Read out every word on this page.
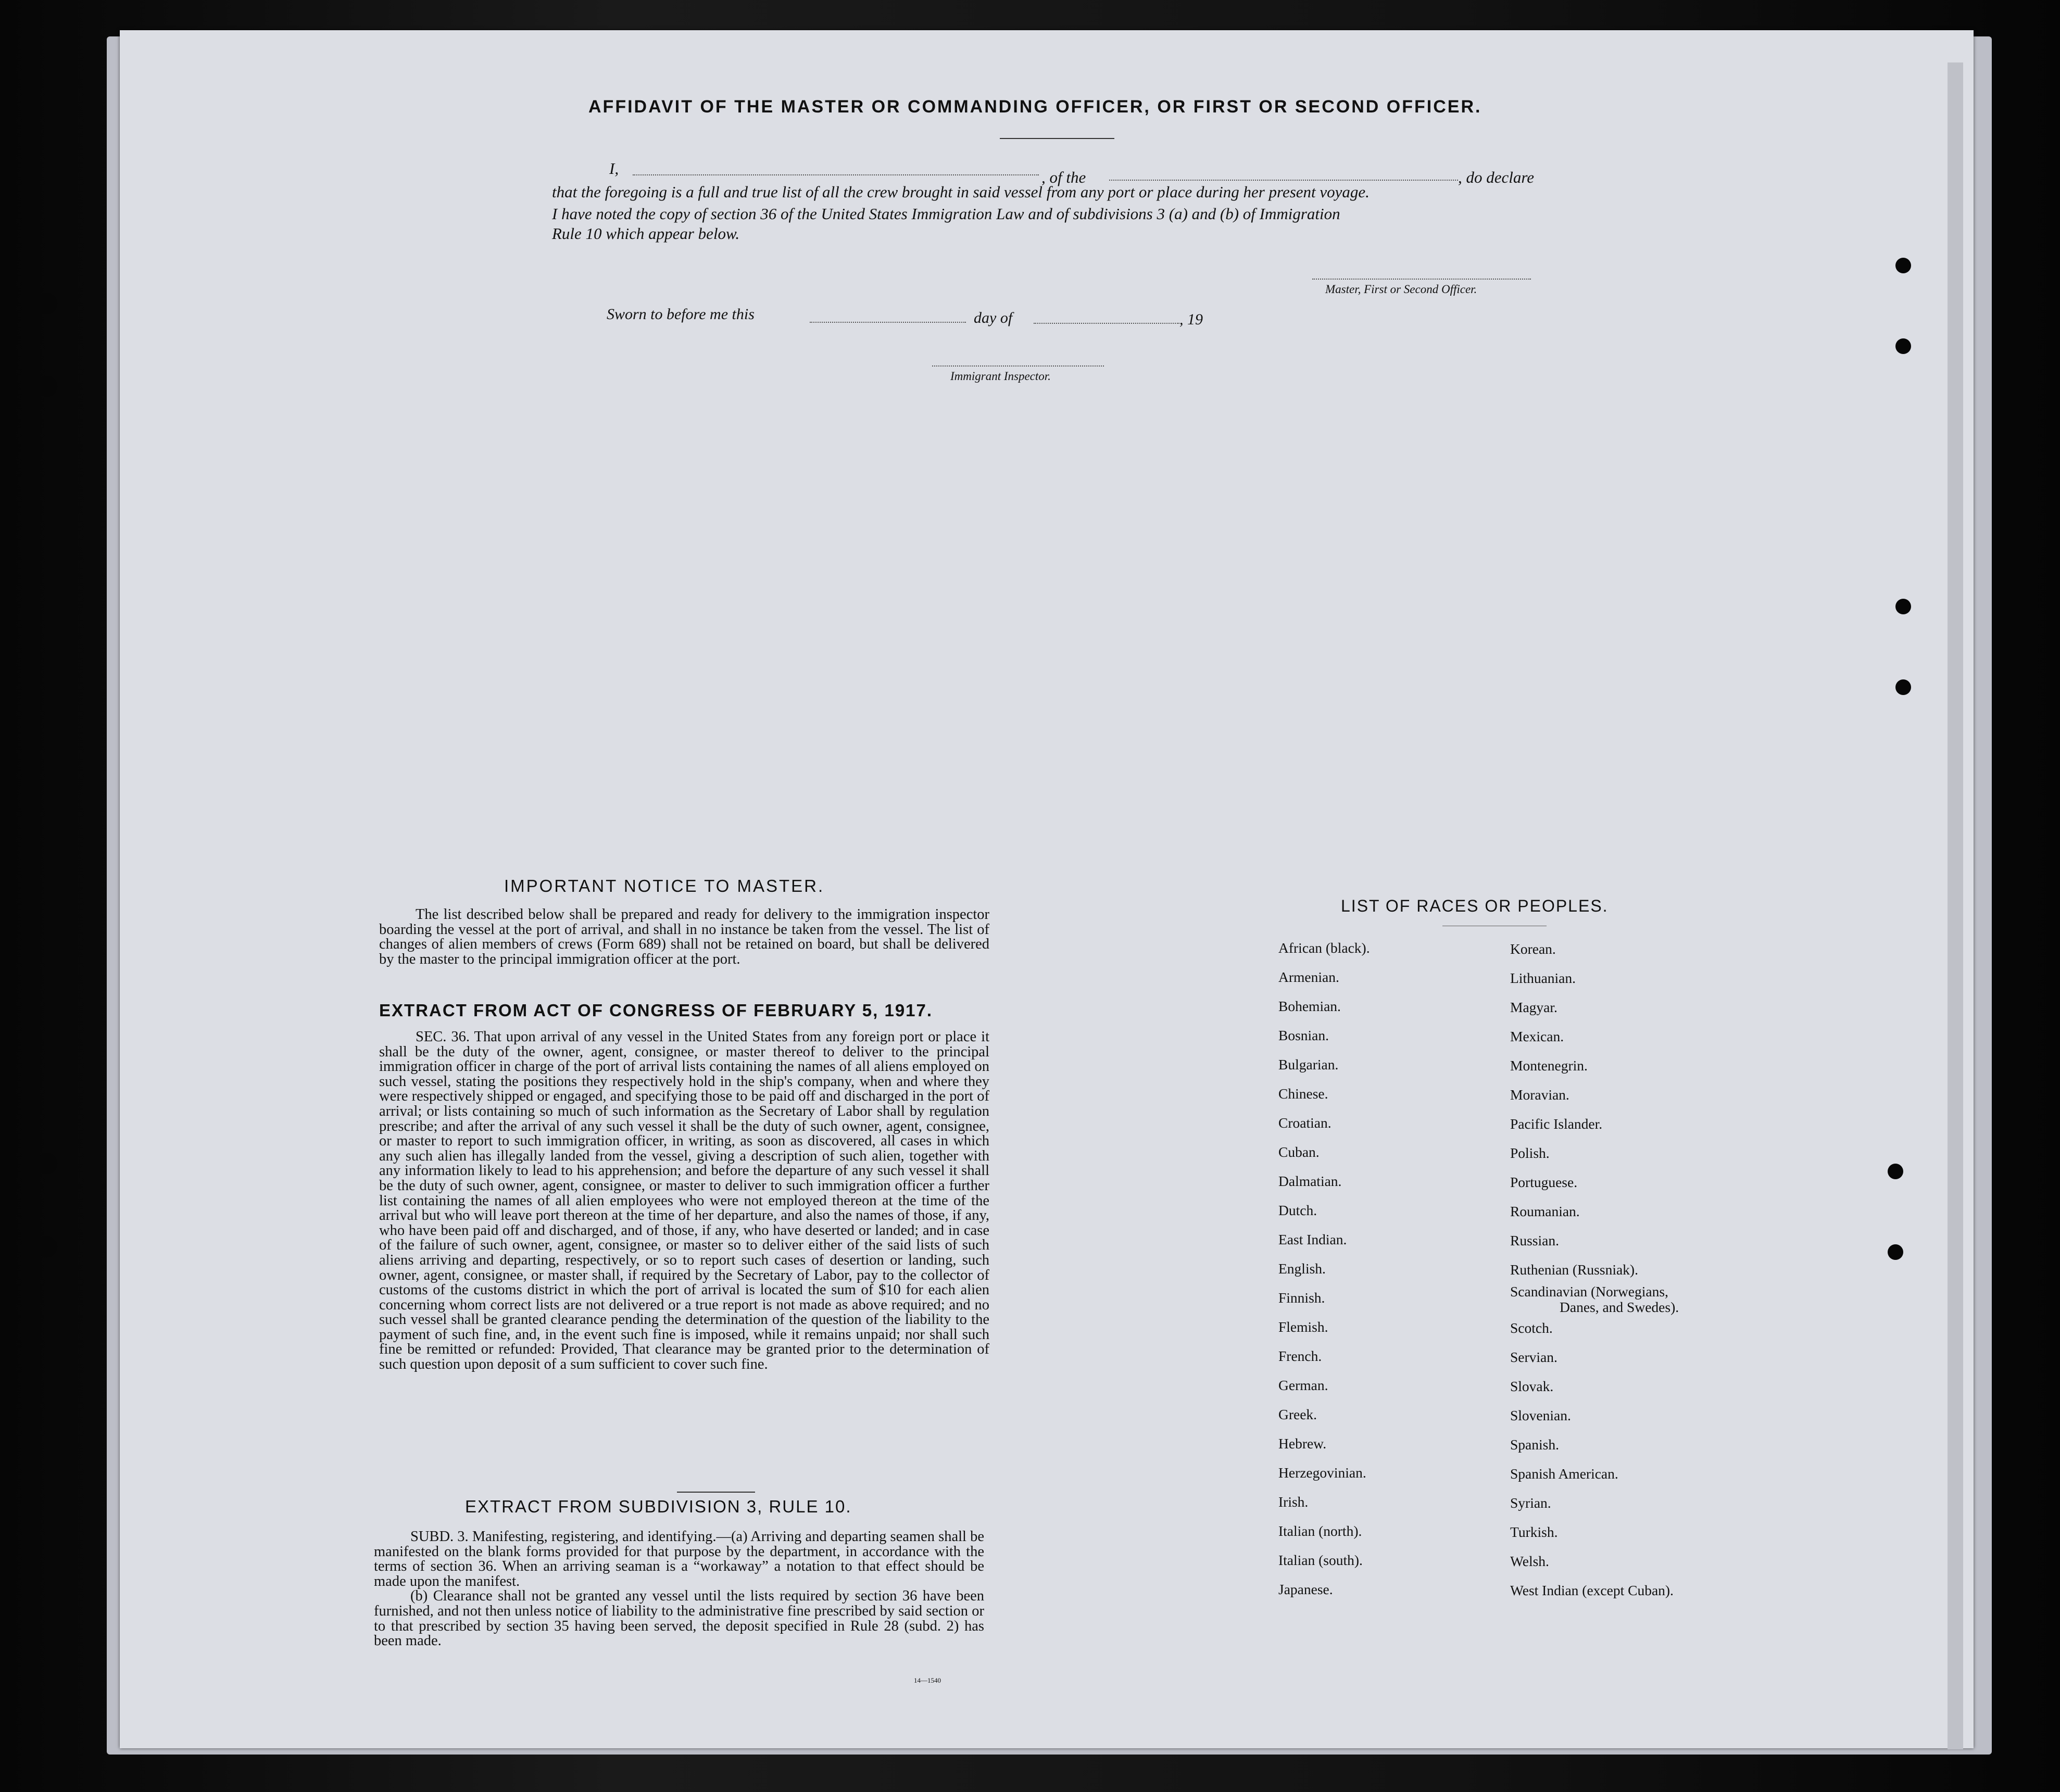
AFFIDAVIT OF THE MASTER OR COMMANDING OFFICER, OR FIRST OR SECOND OFFICER.
I,	, of the	, do declare
that the foregoing is a full and true list of all the crew brought in said vessel from any port or place during her present voyage.
I have noted the copy of section 36 of the United States Immigration Law and of subdivisions 3 (a) and (b) of Immigration
Rule 10 which appear below.
Master, First or Second Officer.
Sworn to before me this	day of	, 19
Immigrant Inspector.
IMPORTANT NOTICE TO MASTER.

The list described below shall be prepared and ready for delivery to the immigration inspector boarding the vessel at the port of arrival, and shall in no instance be taken from the vessel. The list of changes of alien members of crews (Form 689) shall not be retained on board, but shall be delivered by the master to the principal immigration officer at the port.

EXTRACT FROM ACT OF CONGRESS OF FEBRUARY 5, 1917.

SEC. 36. That upon arrival of any vessel in the United States from any foreign port or place it shall be the duty of the owner, agent, consignee, or master thereof to deliver to the principal immigration officer in charge of the port of arrival lists containing the names of all aliens employed on such vessel, stating the positions they respectively hold in the ship's company, when and where they were respectively shipped or engaged, and specifying those to be paid off and discharged in the port of arrival; or lists containing so much of such information as the Secretary of Labor shall by regulation prescribe; and after the arrival of any such vessel it shall be the duty of such owner, agent, consignee, or master to report to such immigration officer, in writing, as soon as discovered, all cases in which any such alien has illegally landed from the vessel, giving a description of such alien, together with any information likely to lead to his apprehension; and before the departure of any such vessel it shall be the duty of such owner, agent, consignee, or master to deliver to such immigration officer a further list containing the names of all alien employees who were not employed thereon at the time of the arrival but who will leave port thereon at the time of her departure, and also the names of those, if any, who have been paid off and discharged, and of those, if any, who have deserted or landed; and in case of the failure of such owner, agent, consignee, or master so to deliver either of the said lists of such aliens arriving and departing, respectively, or so to report such cases of desertion or landing, such owner, agent, consignee, or master shall, if required by the Secretary of Labor, pay to the collector of customs of the customs district in which the port of arrival is located the sum of $10 for each alien concerning whom correct lists are not delivered or a true report is not made as above required; and no such vessel shall be granted clearance pending the determination of the question of the liability to the payment of such fine, and, in the event such fine is imposed, while it remains unpaid; nor shall such fine be remitted or refunded: Provided, That clearance may be granted prior to the determination of such question upon deposit of a sum sufficient to cover such fine.

EXTRACT FROM SUBDIVISION 3, RULE 10.

SUBD. 3. Manifesting, registering, and identifying.—(a) Arriving and departing seamen shall be manifested on the blank forms provided for that purpose by the department, in accordance with the terms of section 36. When an arriving seaman is a “workaway” a notation to that effect should be made upon the manifest.

(b) Clearance shall not be granted any vessel until the lists required by section 36 have been furnished, and not then unless notice of liability to the administrative fine prescribed by said section or to that prescribed by section 35 having been served, the deposit specified in Rule 28 (subd. 2) has been made.

14—1540
LIST OF RACES OR PEOPLES.
African (black).
Armenian.
Bohemian.
Bosnian.
Bulgarian.
Chinese.
Croatian.
Cuban.
Dalmatian.
Dutch.
East Indian.
English.
Finnish.
Flemish.
French.
German.
Greek.
Hebrew.
Herzegovinian.
Irish.
Italian (north).
Italian (south).
Japanese.
Korean.
Lithuanian.
Magyar.
Mexican.
Montenegrin.
Moravian.
Pacific Islander.
Polish.
Portuguese.
Roumanian.
Russian.
Ruthenian (Russniak).
Scandinavian (Norwegians,
Danes, and Swedes).
Scotch.
Servian.
Slovak.
Slovenian.
Spanish.
Spanish American.
Syrian.
Turkish.
Welsh.
West Indian (except Cuban).
